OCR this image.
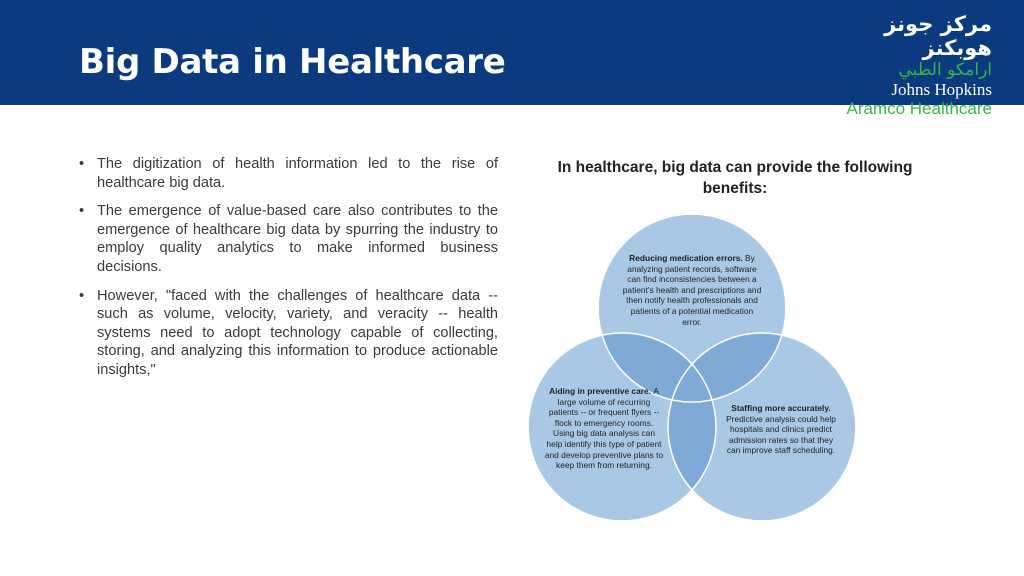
Big Data in Healthcare
مركز جونز هوبكنز
ارامكو الطبي
Johns Hopkins
Aramco Healthcare
• The digitization of health information led to the rise of healthcare big data.
• The emergence of value-based care also contributes to the emergence of healthcare big data by spurring the industry to employ quality analytics to make informed business decisions.
• However, "faced with the challenges of healthcare data -- such as volume, velocity, variety, and veracity -- health systems need to adopt technology capable of collecting, storing, and analyzing this information to produce actionable insights,"
In healthcare, big data can provide the following benefits:
Reducing medication errors. By analyzing patient records, software can find inconsistencies between a patient's health and prescriptions and then notify health professionals and patients of a potential medication error.
Aiding in preventive care. A large volume of recurring patients -- or frequent flyers -- flock to emergency rooms. Using big data analysis can help identify this type of patient and develop preventive plans to keep them from returning.
Staffing more accurately. Predictive analysis could help hospitals and clinics predict admission rates so that they can improve staff scheduling.
